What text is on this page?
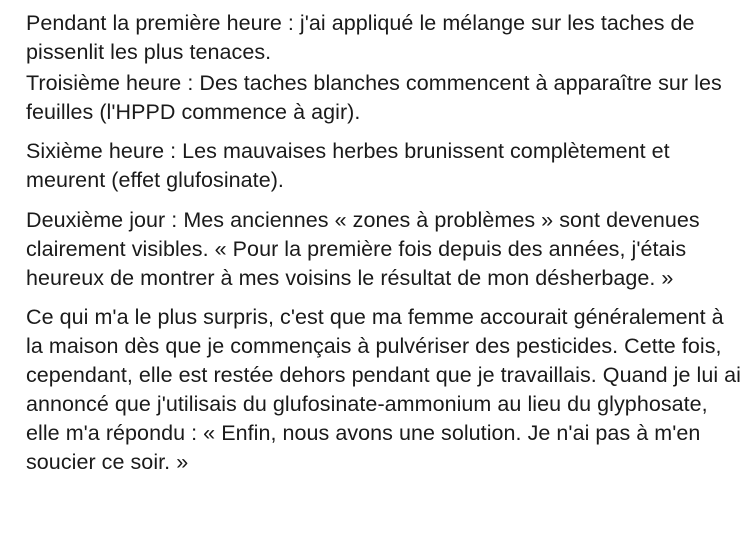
Pendant la première heure : j'ai appliqué le mélange sur les taches de pissenlit les plus tenaces.

Troisième heure : Des taches blanches commencent à apparaître sur les feuilles (l'HPPD commence à agir).

Sixième heure : Les mauvaises herbes brunissent complètement et meurent (effet glufosinate).

Deuxième jour : Mes anciennes « zones à problèmes » sont devenues clairement visibles. « Pour la première fois depuis des années, j'étais heureux de montrer à mes voisins le résultat de mon désherbage. »

Ce qui m'a le plus surpris, c'est que ma femme accourait généralement à la maison dès que je commençais à pulvériser des pesticides. Cette fois, cependant, elle est restée dehors pendant que je travaillais. Quand je lui ai annoncé que j'utilisais du glufosinate-ammonium au lieu du glyphosate, elle m'a répondu : « Enfin, nous avons une solution. Je n'ai pas à m'en soucier ce soir. »
